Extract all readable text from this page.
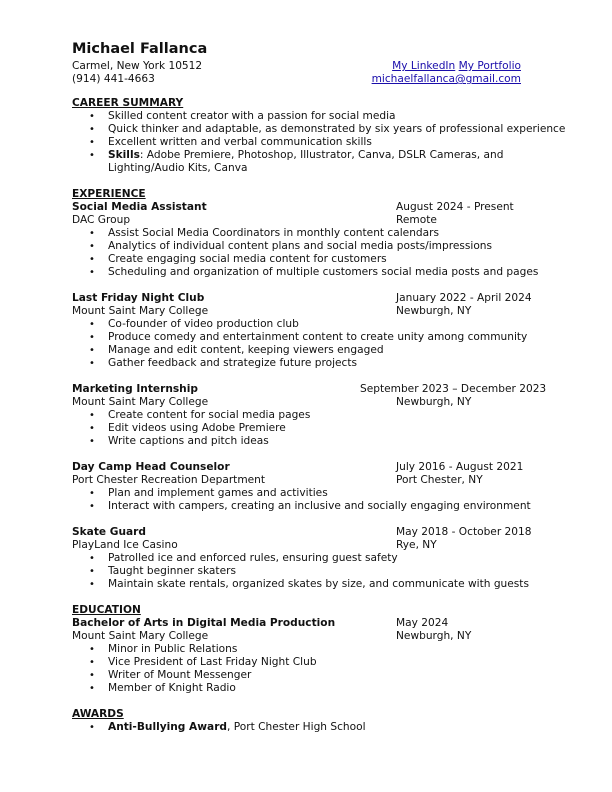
Michael Fallanca
Carmel, New York 10512
(914) 441-4663
My LinkedIn My Portfolio
michaelfallanca@gmail.com
CAREER SUMMARY
• Skilled content creator with a passion for social media
• Quick thinker and adaptable, as demonstrated by six years of professional experience
• Excellent written and verbal communication skills
• Skills: Adobe Premiere, Photoshop, Illustrator, Canva, DSLR Cameras, and Lighting/Audio Kits, Canva
EXPERIENCE
Social Media Assistant	August 2024 - Present
DAC Group	Remote
• Assist Social Media Coordinators in monthly content calendars
• Analytics of individual content plans and social media posts/impressions
• Create engaging social media content for customers
• Scheduling and organization of multiple customers social media posts and pages
Last Friday Night Club	January 2022 - April 2024
Mount Saint Mary College	Newburgh, NY
• Co-founder of video production club
• Produce comedy and entertainment content to create unity among community
• Manage and edit content, keeping viewers engaged
• Gather feedback and strategize future projects
Marketing Internship	September 2023 – December 2023
Mount Saint Mary College	Newburgh, NY
• Create content for social media pages
• Edit videos using Adobe Premiere
• Write captions and pitch ideas
Day Camp Head Counselor	July 2016 - August 2021
Port Chester Recreation Department	Port Chester, NY
• Plan and implement games and activities
• Interact with campers, creating an inclusive and socially engaging environment
Skate Guard	May 2018 - October 2018
PlayLand Ice Casino	Rye, NY
• Patrolled ice and enforced rules, ensuring guest safety
• Taught beginner skaters
• Maintain skate rentals, organized skates by size, and communicate with guests
EDUCATION
Bachelor of Arts in Digital Media Production	May 2024
Mount Saint Mary College	Newburgh, NY
• Minor in Public Relations
• Vice President of Last Friday Night Club
• Writer of Mount Messenger
• Member of Knight Radio
AWARDS
• Anti-Bullying Award, Port Chester High School
